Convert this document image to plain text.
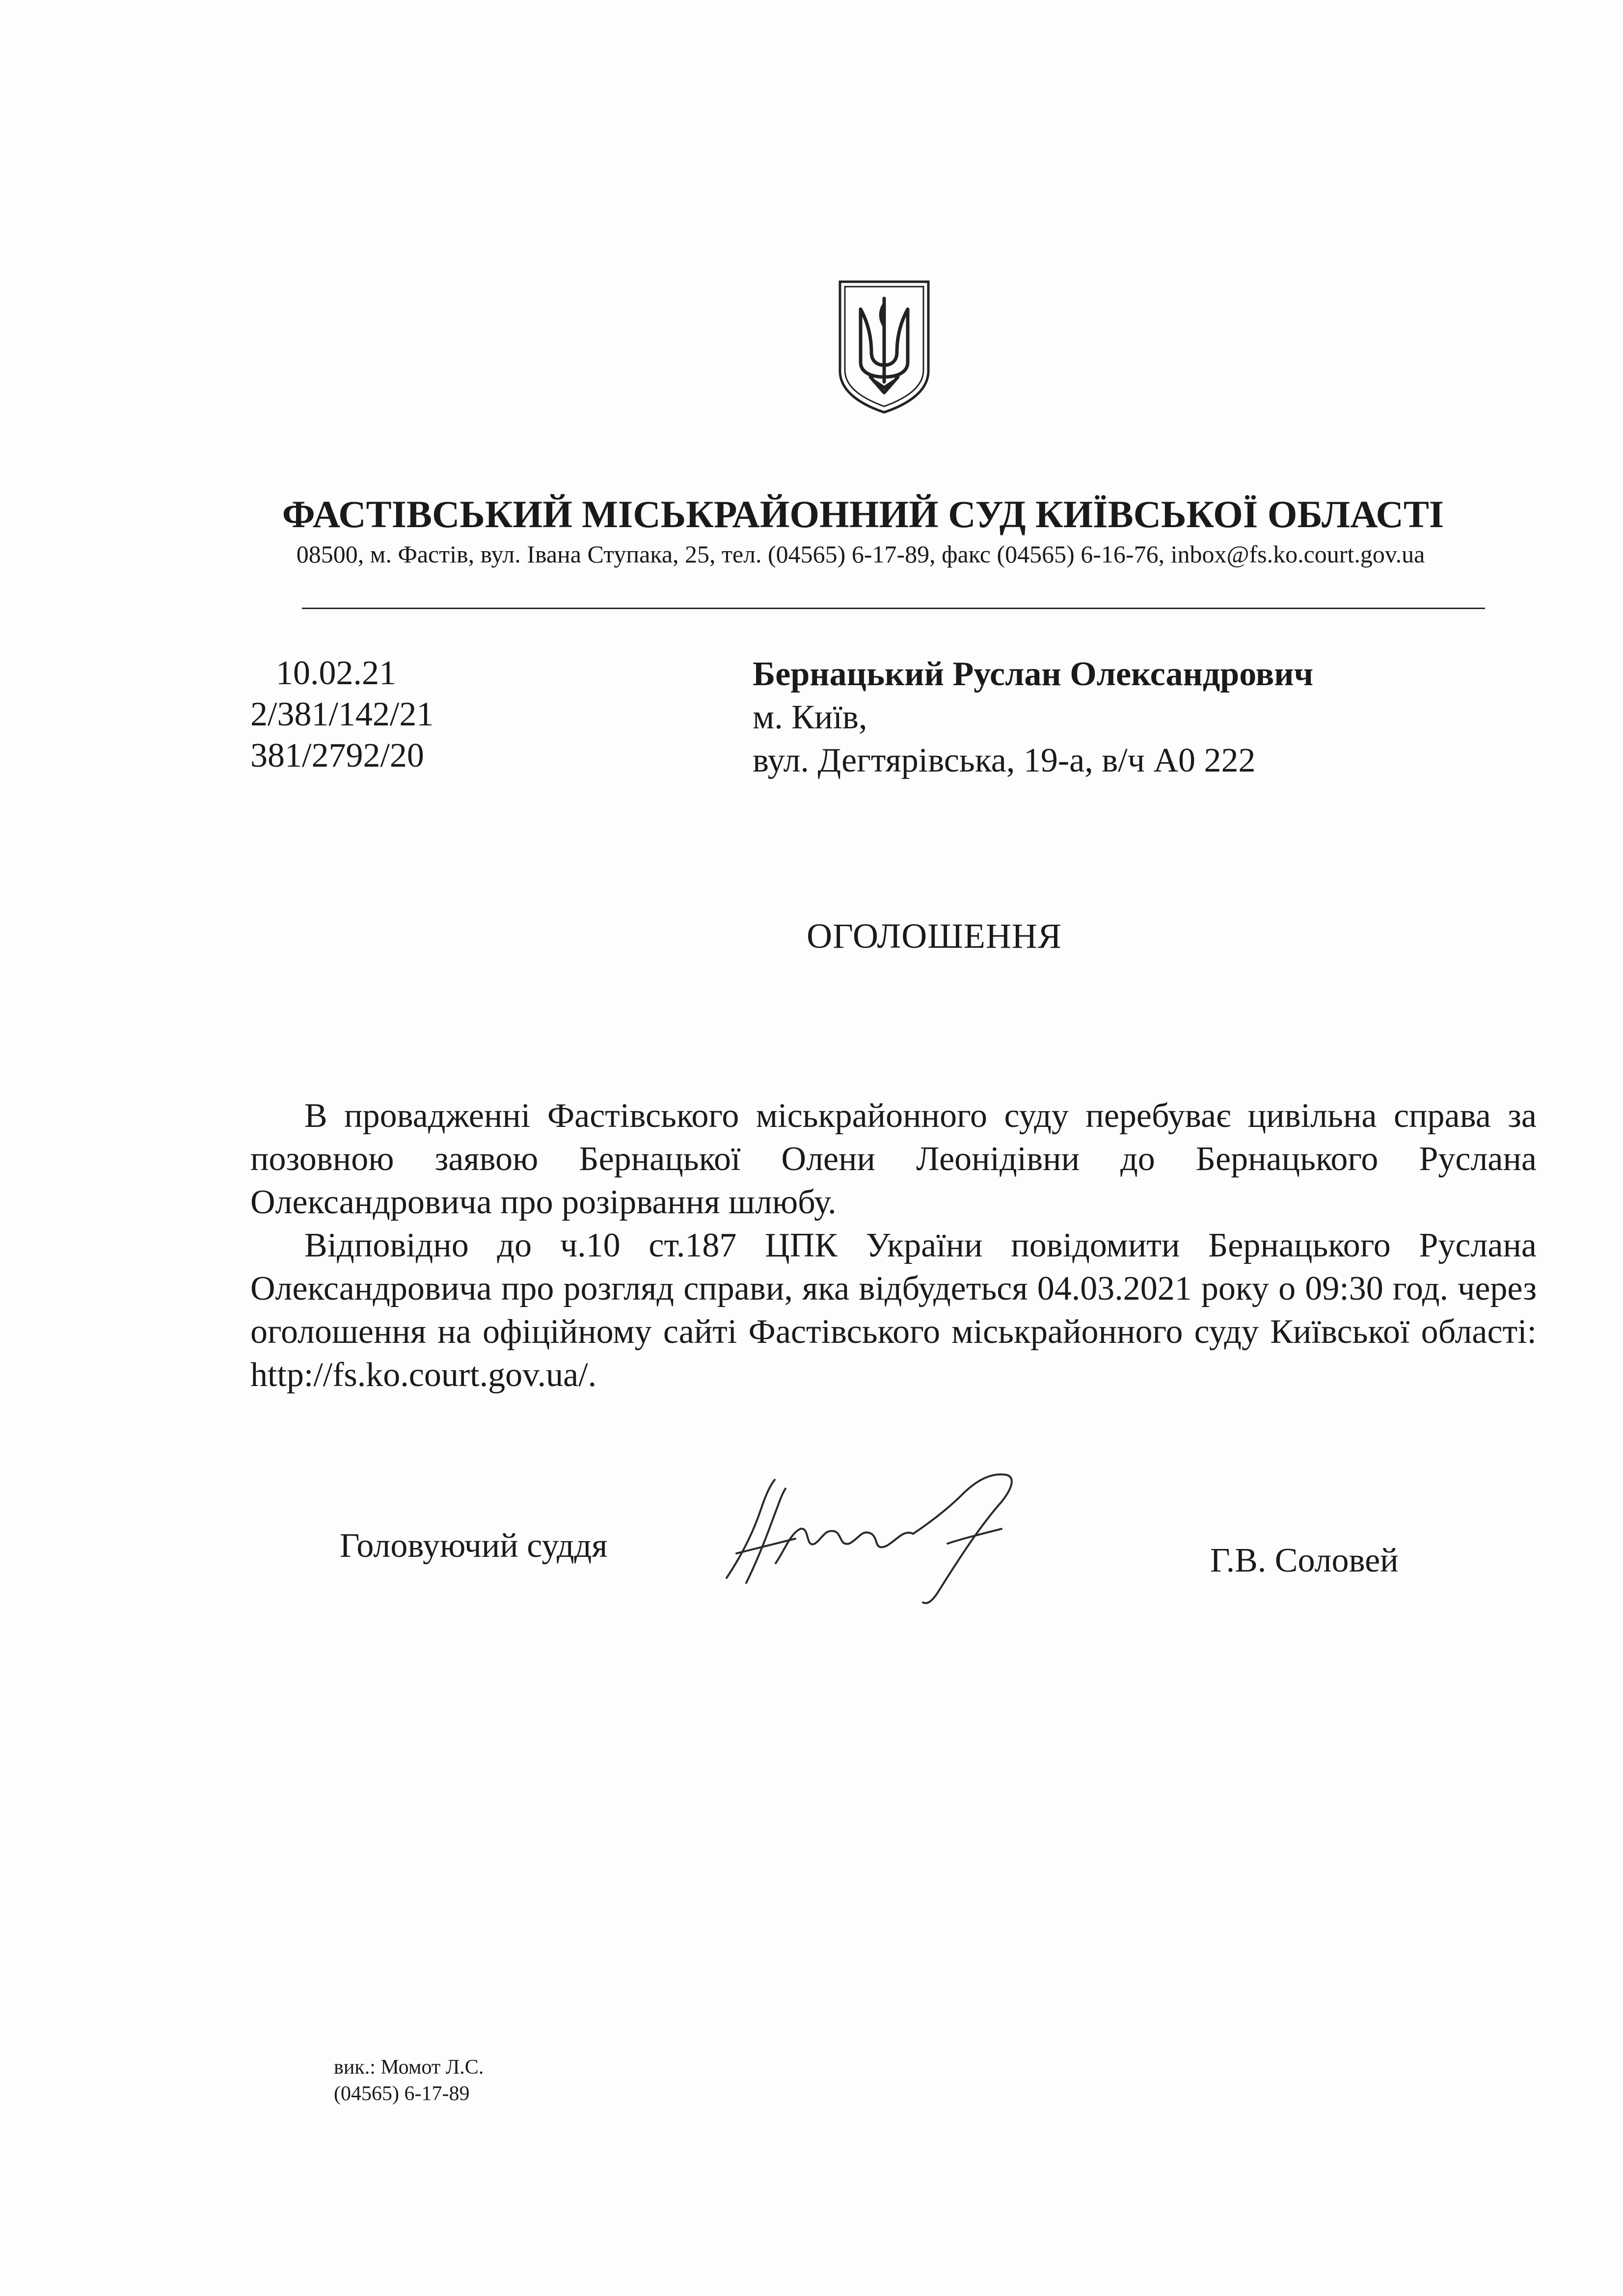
ФАСТІВСЬКИЙ МІСЬКРАЙОННИЙ СУД КИЇВСЬКОЇ ОБЛАСТІ
08500, м. Фастів, вул. Івана Ступака, 25, тел. (04565) 6-17-89, факс (04565) 6-16-76, inbox@fs.ko.court.gov.ua
10.02.21
2/381/142/21
381/2792/20
Бернацький Руслан Олександрович
м. Київ,
вул. Дегтярівська, 19-а, в/ч А0 222
ОГОЛОШЕННЯ

В провадженні Фастівського міськрайонного суду перебуває цивільна справа за позовною заявою Бернацької Олени Леонідівни до Бернацького Руслана Олександровича про розірвання шлюбу.

Відповідно до ч.10 ст.187 ЦПК України повідомити Бернацького Руслана Олександровича про розгляд справи, яка відбудеться 04.03.2021 року о 09:30 год. через оголошення на офіційному сайті Фастівського міськрайонного суду Київської області: http://fs.ko.court.gov.ua/.

Головуючий суддя	Г.В. Соловей
вик.: Момот Л.С.
(04565) 6-17-89
